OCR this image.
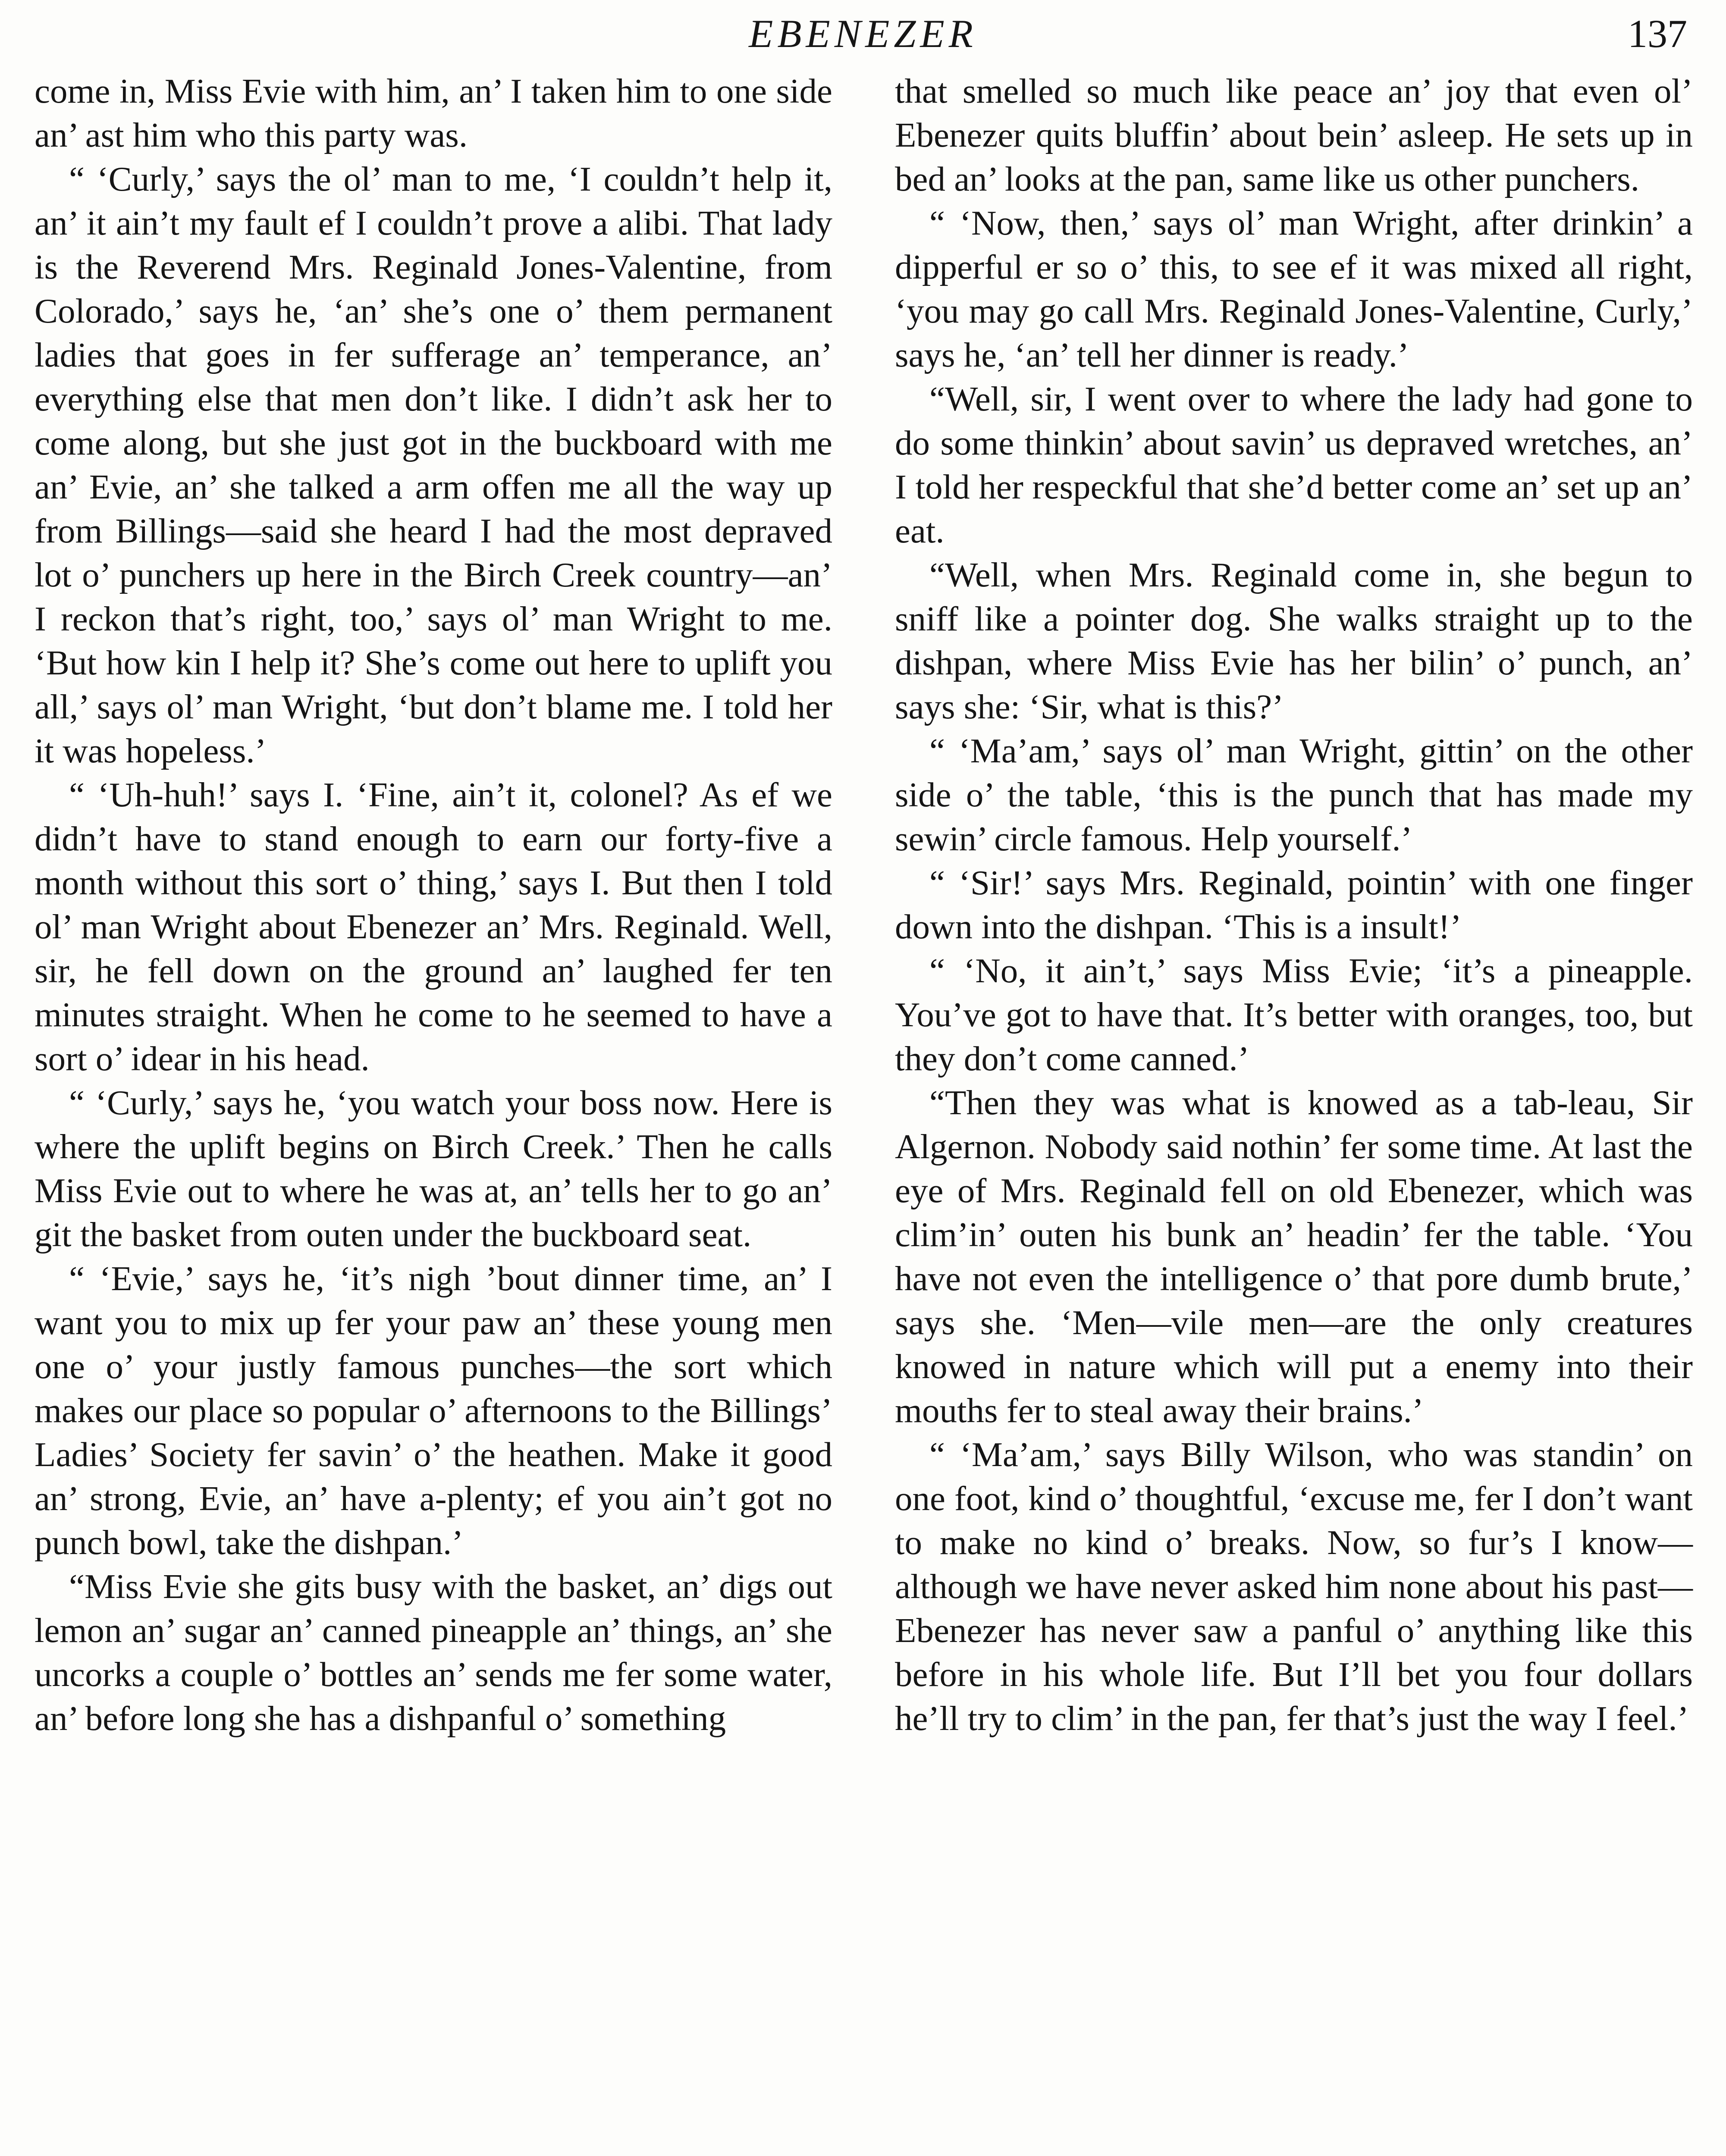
EBENEZER	137

come in, Miss Evie with him, an’ I taken him to one side an’ ast him who this party was.

“ ‘Curly,’ says the ol’ man to me, ‘I couldn’t help it, an’ it ain’t my fault ef I couldn’t prove a alibi. That lady is the Reverend Mrs. Reginald Jones-Valentine, from Colorado,’ says he, ‘an’ she’s one o’ them permanent ladies that goes in fer sufferage an’ temperance, an’ everything else that men don’t like. I didn’t ask her to come along, but she just got in the buckboard with me an’ Evie, an’ she talked a arm offen me all the way up from Billings—said she heard I had the most depraved lot o’ punchers up here in the Birch Creek country—an’ I reckon that’s right, too,’ says ol’ man Wright to me. ‘But how kin I help it? She’s come out here to uplift you all,’ says ol’ man Wright, ‘but don’t blame me. I told her it was hopeless.’

“ ‘Uh-huh!’ says I. ‘Fine, ain’t it, colonel? As ef we didn’t have to stand enough to earn our forty-five a month without this sort o’ thing,’ says I. But then I told ol’ man Wright about Ebenezer an’ Mrs. Reginald. Well, sir, he fell down on the ground an’ laughed fer ten minutes straight. When he come to he seemed to have a sort o’ idear in his head.

“ ‘Curly,’ says he, ‘you watch your boss now. Here is where the uplift begins on Birch Creek.’ Then he calls Miss Evie out to where he was at, an’ tells her to go an’ git the basket from outen under the buckboard seat.

“ ‘Evie,’ says he, ‘it’s nigh ’bout dinner time, an’ I want you to mix up fer your paw an’ these young men one o’ your justly famous punches—the sort which makes our place so popular o’ afternoons to the Billings’ Ladies’ Society fer savin’ o’ the heathen. Make it good an’ strong, Evie, an’ have a-plenty; ef you ain’t got no punch bowl, take the dishpan.’

“Miss Evie she gits busy with the basket, an’ digs out lemon an’ sugar an’ canned pineapple an’ things, an’ she uncorks a couple o’ bottles an’ sends me fer some water, an’ before long she has a dishpanful o’ something

that smelled so much like peace an’ joy that even ol’ Ebenezer quits bluffin’ about bein’ asleep. He sets up in bed an’ looks at the pan, same like us other punchers.

“ ‘Now, then,’ says ol’ man Wright, after drinkin’ a dipperful er so o’ this, to see ef it was mixed all right, ‘you may go call Mrs. Reginald Jones-Valentine, Curly,’ says he, ‘an’ tell her dinner is ready.’

“Well, sir, I went over to where the lady had gone to do some thinkin’ about savin’ us depraved wretches, an’ I told her respeckful that she’d better come an’ set up an’ eat.

“Well, when Mrs. Reginald come in, she begun to sniff like a pointer dog. She walks straight up to the dishpan, where Miss Evie has her bilin’ o’ punch, an’ says she: ‘Sir, what is this?’

“ ‘Ma’am,’ says ol’ man Wright, gittin’ on the other side o’ the table, ‘this is the punch that has made my sewin’ circle famous. Help yourself.’

“ ‘Sir!’ says Mrs. Reginald, pointin’ with one finger down into the dishpan. ‘This is a insult!’

“ ‘No, it ain’t,’ says Miss Evie; ‘it’s a pineapple. You’ve got to have that. It’s better with oranges, too, but they don’t come canned.’

“Then they was what is knowed as a tab-leau, Sir Algernon. Nobody said nothin’ fer some time. At last the eye of Mrs. Reginald fell on old Ebenezer, which was clim’in’ outen his bunk an’ headin’ fer the table. ‘You have not even the intelligence o’ that pore dumb brute,’ says she. ‘Men—vile men—are the only creatures knowed in nature which will put a enemy into their mouths fer to steal away their brains.’

“ ‘Ma’am,’ says Billy Wilson, who was standin’ on one foot, kind o’ thoughtful, ‘excuse me, fer I don’t want to make no kind o’ breaks. Now, so fur’s I know—although we have never asked him none about his past—Ebenezer has never saw a panful o’ anything like this before in his whole life. But I’ll bet you four dollars he’ll try to clim’ in the pan, fer that’s just the way I feel.’
